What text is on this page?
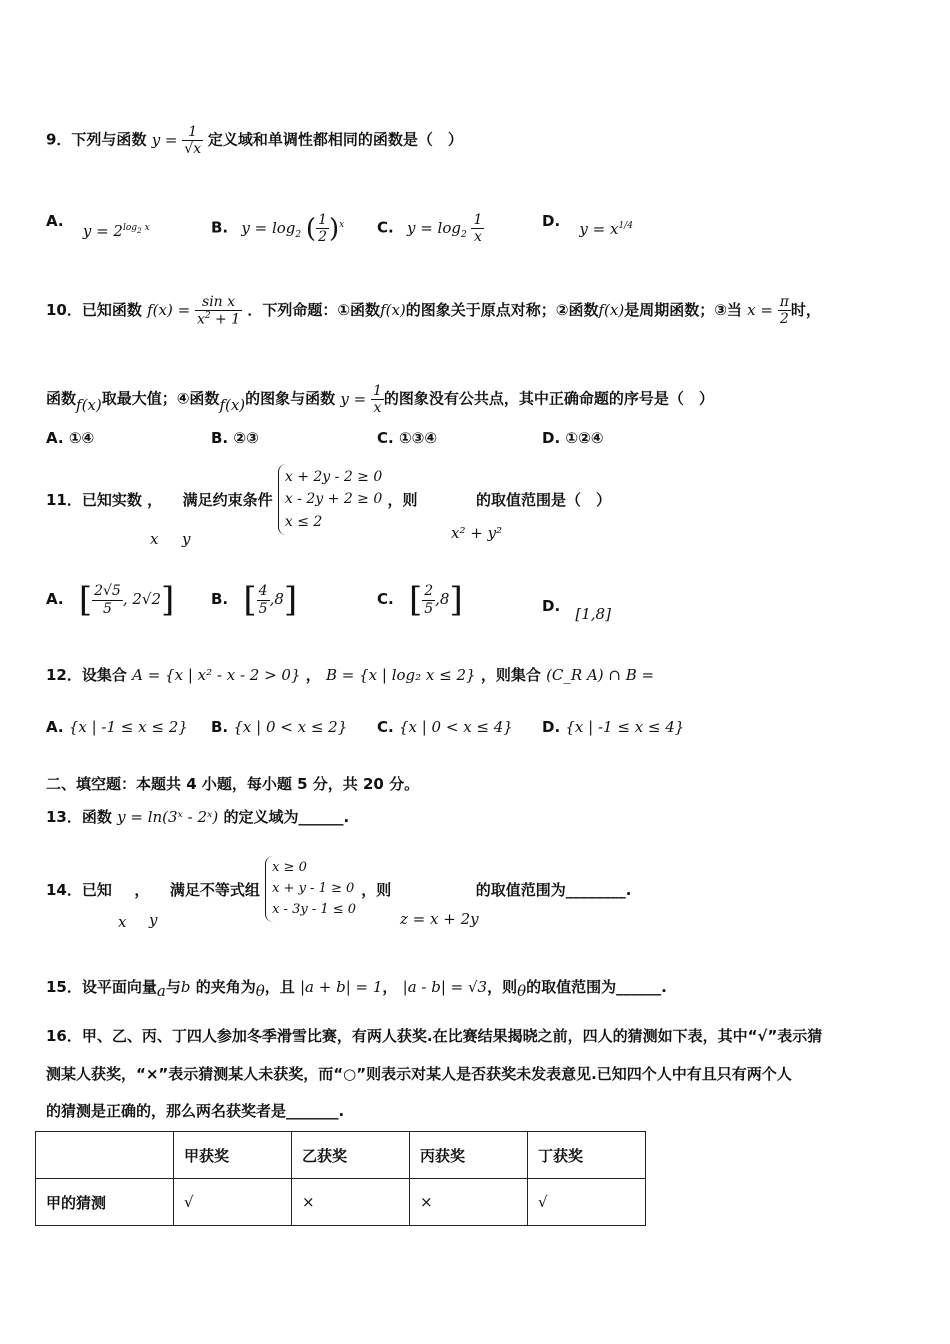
9．下列与函数 $y = \frac{1}{√x}$ 定义域和单调性都相同的函数是（　）
A. $y = 2^{log_2 x}$	B. $y = \log_2$ ( $\frac{1}{2} )^x$ C. $y = \log_2 \frac{1}{x}$	D. $y = x^{1/4}$
10．已知函数 $f(x) = \frac{\text{sin x}}{x^2 + 1}$ ．下列命题：①函数f(x)的图象关于原点对称；②函数f(x)是周期函数；③当 $x = \frac{\pi}{2}$ 时，
函数f(x)取最大值；④函数f(x)的图象与函数 $y = \frac{1}{x}$ 的图象没有公共点，其中正确命题的序号是（　）
A. ①④	B. ②③	C. ①③④	D. ①②④
11．已知实数 ， 满足约束条件
x + 2y - 2 ≥ 0
x - 2y + 2 ≥ 0
x ≤ 2
，则	的取值范围是（　）
x y	x² + y²
A. [ $\frac{2√5}{5}$ , 2√2] B. [ $\frac{4}{5} ,8$]	C. [ $\frac{2}{5} ,8$]	D. [1,8]
12．设集合 A = {x | x² - x - 2 > 0} ， B = {x | log₂ x ≤ 2} ，则集合 (C_R A) ∩ B =
A. {x | -1 ≤ x ≤ 2} B. {x | 0 < x ≤ 2} C. {x | 0 < x ≤ 4} D. {x | -1 ≤ x ≤ 4}
二、填空题：本题共 4 小题，每小题 5 分，共 20 分。
13．函数 y = ln(3ˣ - 2ˣ) 的定义域为______.
14．已知 ， 满足不等式组
x ≥ 0
x + y - 1 ≥ 0
x - 3y - 1 ≤ 0
，则	的取值范围为________.
x y	z = x + 2y
15．设平面向量a与b 的夹角为θ，且 |a + b| = 1， |a - b| = √3，则θ的取值范围为______.
16．甲、乙、丙、丁四人参加冬季滑雪比赛，有两人获奖.在比赛结果揭晓之前，四人的猜测如下表，其中“√”表示猜
测某人获奖，“×”表示猜测某人未获奖，而“○”则表示对某人是否获奖未发表意见.已知四个人中有且只有两个人
的猜测是正确的，那么两名获奖者是_______.
	甲获奖	乙获奖	丙获奖	丁获奖
甲的猜测	√	×	×	√
